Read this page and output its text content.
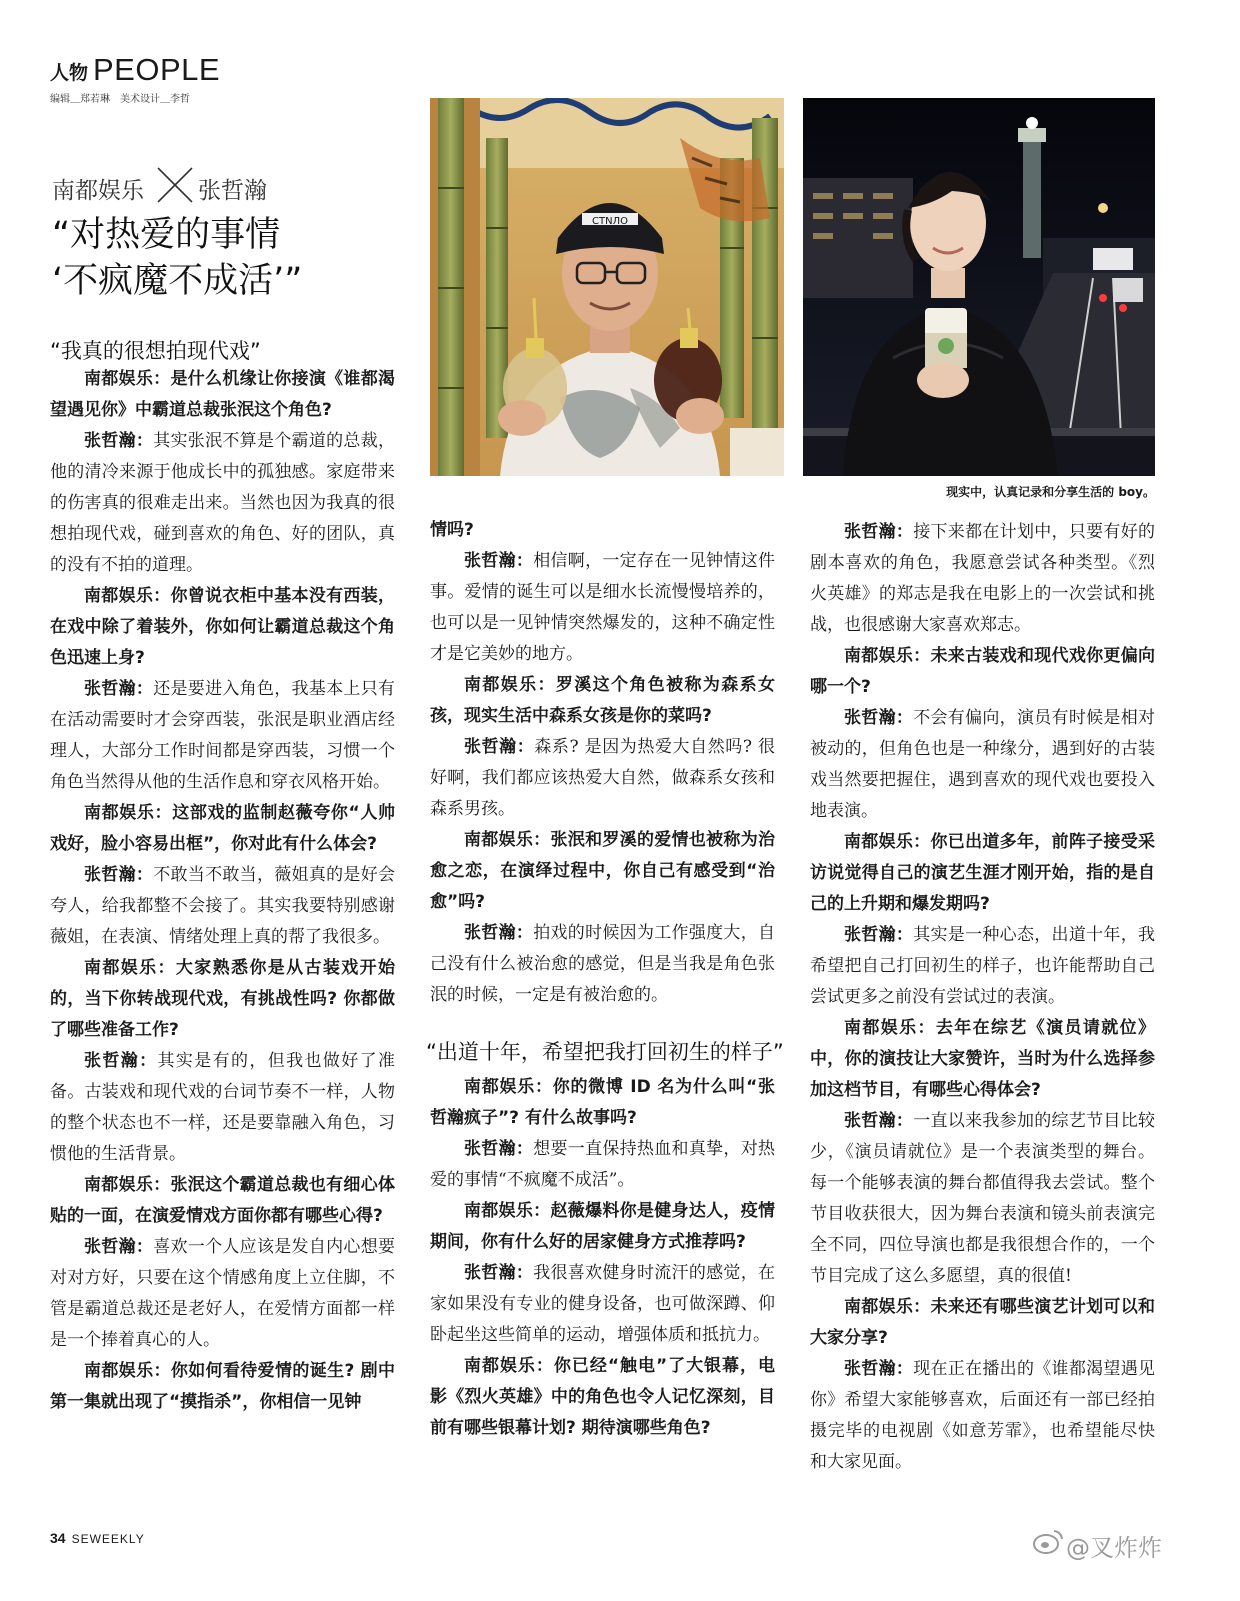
人物 PEOPLE
编辑＿郑若琳　美术设计＿李哲
南都娱乐 张哲瀚
“对热爱的事情
‘不疯魔不成活’”
CTNЛO
现实中，认真记录和分享生活的 boy。
“我真的很想拍现代戏”

南都娱乐：是什么机缘让你接演《谁都渴望遇见你》中霸道总裁张泯这个角色?

张哲瀚：其实张泯不算是个霸道的总裁，他的清冷来源于他成长中的孤独感。家庭带来的伤害真的很难走出来。当然也因为我真的很想拍现代戏，碰到喜欢的角色、好的团队，真的没有不拍的道理。

南都娱乐：你曾说衣柜中基本没有西装，在戏中除了着装外，你如何让霸道总裁这个角色迅速上身?

张哲瀚：还是要进入角色，我基本上只有在活动需要时才会穿西装，张泯是职业酒店经理人，大部分工作时间都是穿西装，习惯一个角色当然得从他的生活作息和穿衣风格开始。

南都娱乐：这部戏的监制赵薇夸你“人帅戏好，脸小容易出框”，你对此有什么体会?

张哲瀚：不敢当不敢当，薇姐真的是好会夸人，给我都整不会接了。其实我要特别感谢薇姐，在表演、情绪处理上真的帮了我很多。

南都娱乐：大家熟悉你是从古装戏开始的，当下你转战现代戏，有挑战性吗? 你都做了哪些准备工作?

张哲瀚：其实是有的，但我也做好了准备。古装戏和现代戏的台词节奏不一样，人物的整个状态也不一样，还是要靠融入角色，习惯他的生活背景。

南都娱乐：张泯这个霸道总裁也有细心体贴的一面，在演爱情戏方面你都有哪些心得?

张哲瀚：喜欢一个人应该是发自内心想要对对方好，只要在这个情感角度上立住脚，不管是霸道总裁还是老好人，在爱情方面都一样是一个捧着真心的人。

南都娱乐：你如何看待爱情的诞生? 剧中第一集就出现了“摸指杀”，你相信一见钟

情吗?

张哲瀚：相信啊，一定存在一见钟情这件事。爱情的诞生可以是细水长流慢慢培养的，也可以是一见钟情突然爆发的，这种不确定性才是它美妙的地方。

南都娱乐：罗溪这个角色被称为森系女孩，现实生活中森系女孩是你的菜吗?

张哲瀚：森系? 是因为热爱大自然吗? 很好啊，我们都应该热爱大自然，做森系女孩和森系男孩。

南都娱乐：张泯和罗溪的爱情也被称为治愈之恋，在演绎过程中，你自己有感受到“治愈”吗?

张哲瀚：拍戏的时候因为工作强度大，自己没有什么被治愈的感觉，但是当我是角色张泯的时候，一定是有被治愈的。

“出道十年，希望把我打回初生的样子”

南都娱乐：你的微博 ID 名为什么叫“张哲瀚疯子”? 有什么故事吗?

张哲瀚：想要一直保持热血和真挚，对热爱的事情“不疯魔不成活”。

南都娱乐：赵薇爆料你是健身达人，疫情期间，你有什么好的居家健身方式推荐吗?

张哲瀚：我很喜欢健身时流汗的感觉，在家如果没有专业的健身设备，也可做深蹲、仰卧起坐这些简单的运动，增强体质和抵抗力。

南都娱乐：你已经“触电”了大银幕，电影《烈火英雄》中的角色也令人记忆深刻，目前有哪些银幕计划? 期待演哪些角色?

张哲瀚：接下来都在计划中，只要有好的剧本喜欢的角色，我愿意尝试各种类型。《烈火英雄》的郑志是我在电影上的一次尝试和挑战，也很感谢大家喜欢郑志。

南都娱乐：未来古装戏和现代戏你更偏向哪一个?

张哲瀚：不会有偏向，演员有时候是相对被动的，但角色也是一种缘分，遇到好的古装戏当然要把握住，遇到喜欢的现代戏也要投入地表演。

南都娱乐：你已出道多年，前阵子接受采访说觉得自己的演艺生涯才刚开始，指的是自己的上升期和爆发期吗?

张哲瀚：其实是一种心态，出道十年，我希望把自己打回初生的样子，也许能帮助自己尝试更多之前没有尝试过的表演。

南都娱乐：去年在综艺《演员请就位》中，你的演技让大家赞许，当时为什么选择参加这档节目，有哪些心得体会?

张哲瀚：一直以来我参加的综艺节目比较少，《演员请就位》是一个表演类型的舞台。每一个能够表演的舞台都值得我去尝试。整个节目收获很大，因为舞台表演和镜头前表演完全不同，四位导演也都是我很想合作的，一个节目完成了这么多愿望，真的很值!

南都娱乐：未来还有哪些演艺计划可以和大家分享?

张哲瀚：现在正在播出的《谁都渴望遇见你》希望大家能够喜欢，后面还有一部已经拍摄完毕的电视剧《如意芳霏》，也希望能尽快和大家见面。

34 SEWEEKLY	@叉炸炸
